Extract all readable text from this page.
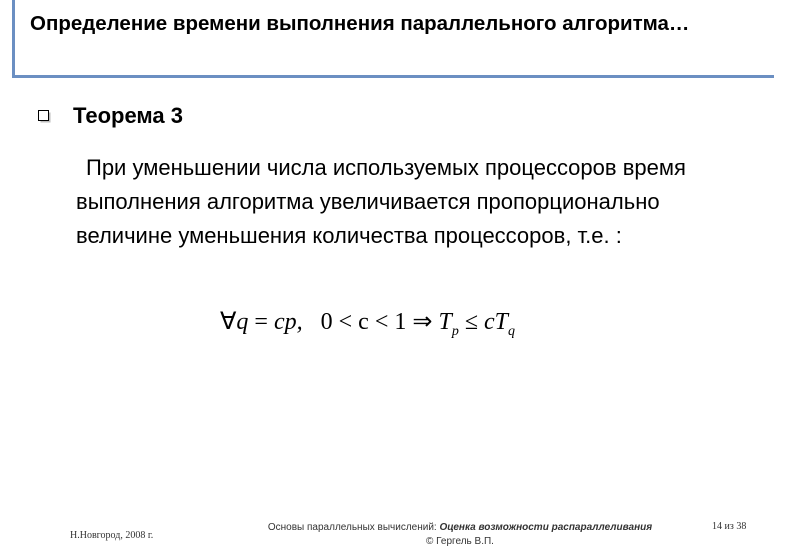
Определение времени выполнения параллельного алгоритма…
Теорема 3
При уменьшении числа используемых процессоров время выполнения алгоритма увеличивается пропорционально величине уменьшения количества процессоров, т.е. :
∀q = cp, 0 < c < 1 ⇒ $T_p \le cT_q$
Н.Новгород, 2008 г.
Основы параллельных вычислений: Оценка возможности распараллеливания
© Гергель В.П.
14 из 38
